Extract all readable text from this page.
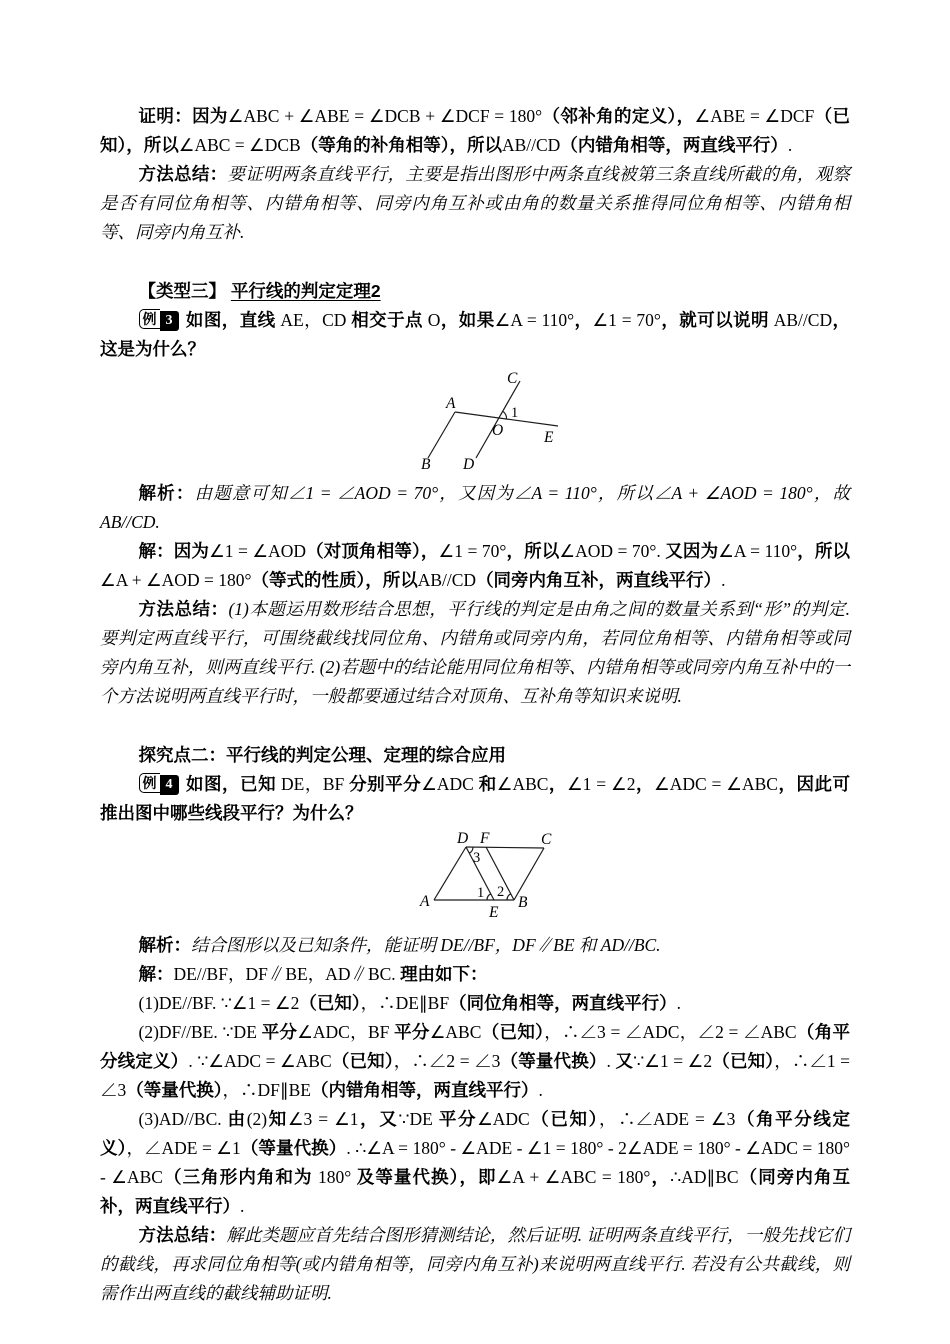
证明：因为∠ABC + ∠ABE = ∠DCB + ∠DCF = 180°（邻补角的定义），∠ABE = ∠DCF（已知），所以∠ABC = ∠DCB（等角的补角相等），所以AB//CD（内错角相等，两直线平行）.

方法总结：要证明两条直线平行，主要是指出图形中两条直线被第三条直线所截的角，观察是否有同位角相等、内错角相等、同旁内角互补或由角的数量关系推得同位角相等、内错角相等、同旁内角互补.

【类型三】 平行线的判定定理2

例 3 如图，直线 AE，CD 相交于点 O，如果∠A = 110°，∠1 = 70°，就可以说明 AB//CD，这是为什么？

A
B
C
D
O	E
1

解析：由题意可知∠1 = ∠AOD = 70°，又因为∠A = 110°，所以∠A + ∠AOD = 180°，故 AB//CD.

解：因为∠1 = ∠AOD（对顶角相等），∠1 = 70°，所以∠AOD = 70°. 又因为∠A = 110°，所以∠A + ∠AOD = 180°（等式的性质），所以AB//CD（同旁内角互补，两直线平行）.

方法总结：(1)本题运用数形结合思想，平行线的判定是由角之间的数量关系到“形”的判定. 要判定两直线平行，可围绕截线找同位角、内错角或同旁内角，若同位角相等、内错角相等或同旁内角互补，则两直线平行. (2)若题中的结论能用同位角相等、内错角相等或同旁内角互补中的一个方法说明两直线平行时，一般都要通过结合对顶角、互补角等知识来说明.

探究点二：平行线的判定公理、定理的综合应用

例 4 如图，已知 DE，BF 分别平分∠ADC 和∠ABC，∠1 = ∠2，∠ADC = ∠ABC，因此可推出图中哪些线段平行？为什么？

D F	C
A
E
B
3
1 2

解析：结合图形以及已知条件，能证明 DE//BF，DF∥BE 和 AD//BC.

解：DE//BF，DF∥BE，AD∥BC. 理由如下：

(1)DE//BF. ∵∠1 = ∠2（已知），∴DE∥BF（同位角相等，两直线平行）.

(2)DF//BE. ∵DE 平分∠ADC，BF 平分∠ABC（已知），∴∠3 = ∠ADC，∠2 = ∠ABC（角平分线定义）. ∵∠ADC = ∠ABC（已知），∴∠2 = ∠3（等量代换）. 又∵∠1 = ∠2（已知），∴∠1 = ∠3（等量代换），∴DF∥BE（内错角相等，两直线平行）.

(3)AD//BC. 由(2)知∠3 = ∠1，又∵DE 平分∠ADC（已知），∴∠ADE = ∠3（角平分线定义），∠ADE = ∠1（等量代换）. ∴∠A = 180° - ∠ADE - ∠1 = 180° - 2∠ADE = 180° - ∠ADC = 180° - ∠ABC（三角形内角和为 180° 及等量代换），即∠A + ∠ABC = 180°，∴AD∥BC（同旁内角互补，两直线平行）.

方法总结：解此类题应首先结合图形猜测结论，然后证明. 证明两条直线平行，一般先找它们的截线，再求同位角相等(或内错角相等，同旁内角互补)来说明两直线平行. 若没有公共截线，则需作出两直线的截线辅助证明.
